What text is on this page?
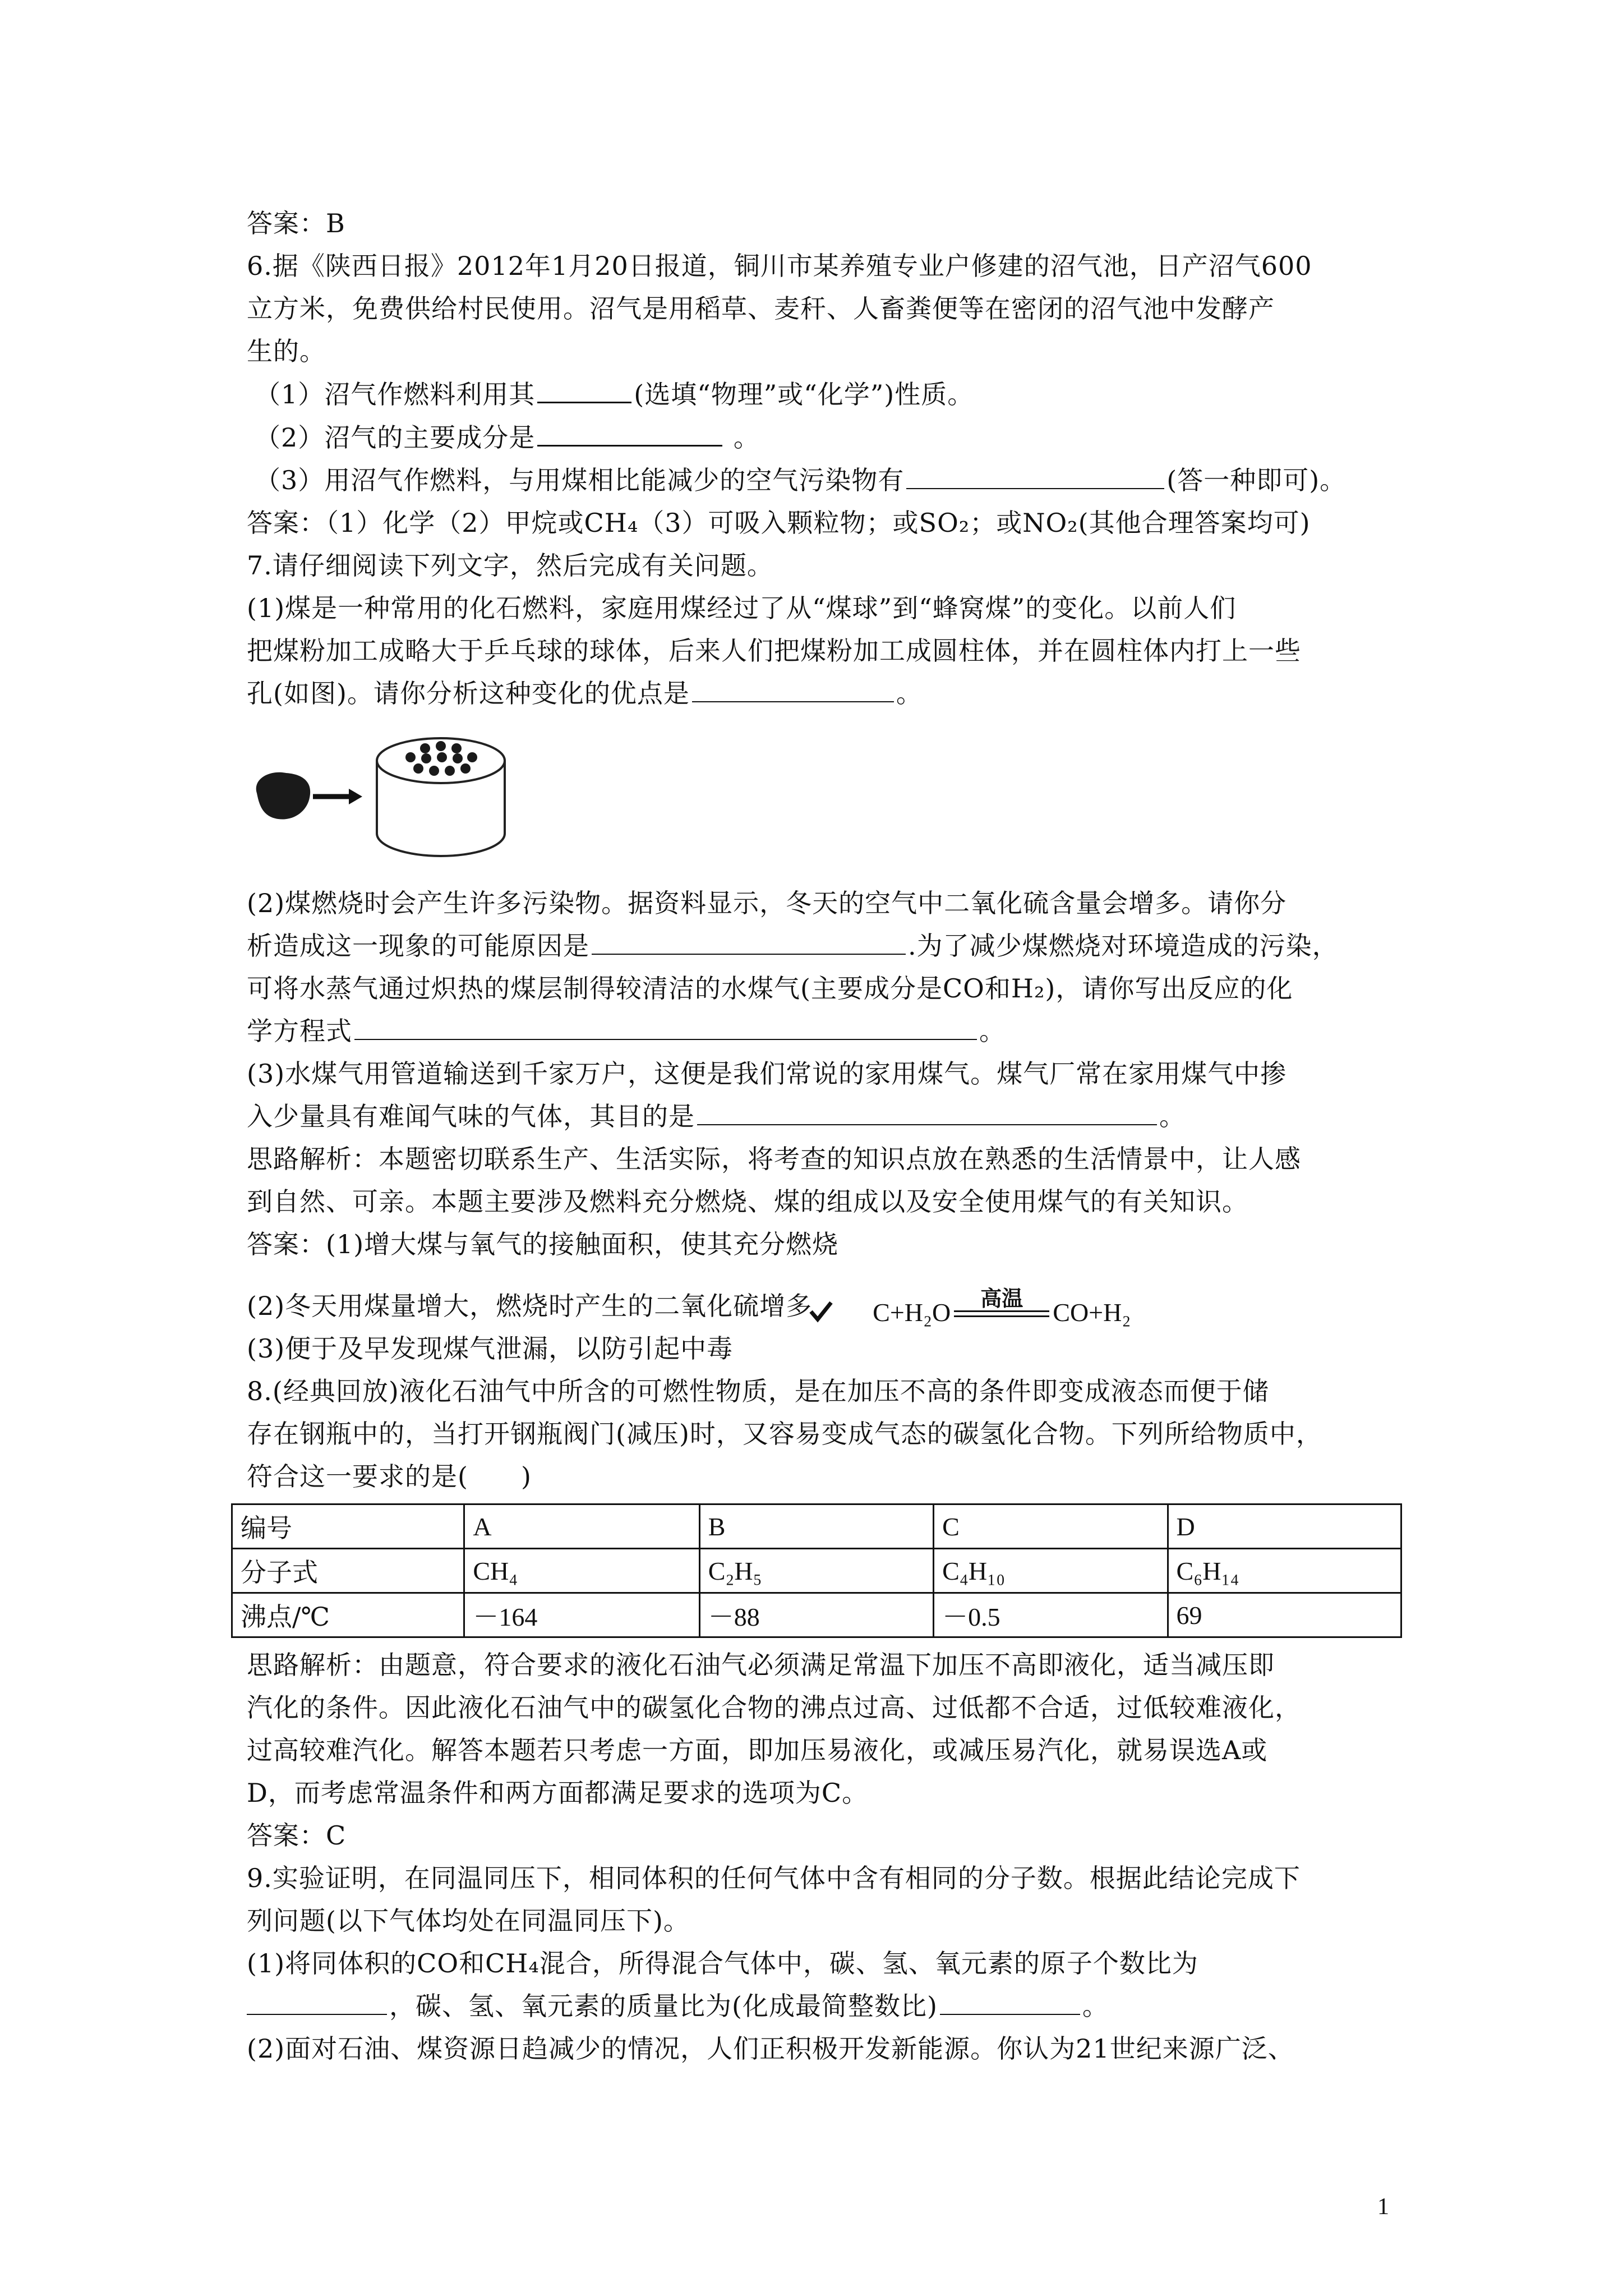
答案：B
6.据《陕西日报》2012年1月20日报道，铜川市某养殖专业户修建的沼气池，日产沼气600
立方米，免费供给村民使用。沼气是用稻草、麦秆、人畜粪便等在密闭的沼气池中发酵产
生的。
（1）沼气作燃料利用其	(选填“物理”或“化学”)性质。
（2）沼气的主要成分是	。
（3）用沼气作燃料，与用煤相比能减少的空气污染物有	(答一种即可)。
答案：（1）化学（2）甲烷或CH₄（3）可吸入颗粒物；或SO₂；或NO₂(其他合理答案均可)
7.请仔细阅读下列文字，然后完成有关问题。
(1)煤是一种常用的化石燃料，家庭用煤经过了从“煤球”到“蜂窝煤”的变化。以前人们
把煤粉加工成略大于乒乓球的球体，后来人们把煤粉加工成圆柱体，并在圆柱体内打上一些
孔(如图)。请你分析这种变化的优点是	。
(2)煤燃烧时会产生许多污染物。据资料显示，冬天的空气中二氧化硫含量会增多。请你分
析造成这一现象的可能原因是	.为了减少煤燃烧对环境造成的污染，
可将水蒸气通过炽热的煤层制得较清洁的水煤气(主要成分是CO和H₂)，请你写出反应的化
学方程式	。
(3)水煤气用管道输送到千家万户，这便是我们常说的家用煤气。煤气厂常在家用煤气中掺
入少量具有难闻气味的气体，其目的是	。
思路解析：本题密切联系生产、生活实际，将考查的知识点放在熟悉的生活情景中，让人感
到自然、可亲。本题主要涉及燃料充分燃烧、煤的组成以及安全使用煤气的有关知识。
答案：(1)增大煤与氧气的接触面积，使其充分燃烧
(2)冬天用煤量增大，燃烧时产生的二氧化硫增多 C+H₂O 高温 CO+H₂
(3)便于及早发现煤气泄漏，以防引起中毒
8.(经典回放)液化石油气中所含的可燃性物质，是在加压不高的条件即变成液态而便于储
存在钢瓶中的，当打开钢瓶阀门(减压)时，又容易变成气态的碳氢化合物。下列所给物质中，
符合这一要求的是(　　)
编号	A	B	C	D
分子式	CH₄	C₂H₅	C₄H₁₀	C₆H₁₄
沸点/℃	－164	－88	－0.5	69
思路解析：由题意，符合要求的液化石油气必须满足常温下加压不高即液化，适当减压即
汽化的条件。因此液化石油气中的碳氢化合物的沸点过高、过低都不合适，过低较难液化，
过高较难汽化。解答本题若只考虑一方面，即加压易液化，或减压易汽化，就易误选A或
D，而考虑常温条件和两方面都满足要求的选项为C。
答案：C
9.实验证明，在同温同压下，相同体积的任何气体中含有相同的分子数。根据此结论完成下
列问题(以下气体均处在同温同压下)。
(1)将同体积的CO和CH₄混合，所得混合气体中，碳、氢、氧元素的原子个数比为
，碳、氢、氧元素的质量比为(化成最简整数比)	。
(2)面对石油、煤资源日趋减少的情况，人们正积极开发新能源。你认为21世纪来源广泛、
1
